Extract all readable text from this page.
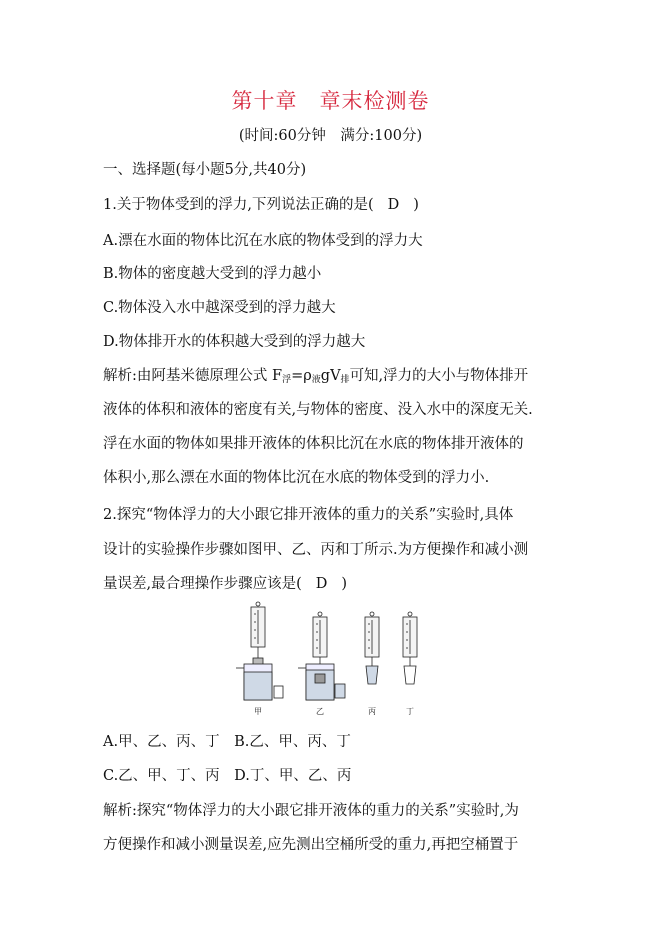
第十章　章末检测卷
(时间:60分钟　满分:100分)
一、选择题(每小题5分,共40分)
1.关于物体受到的浮力,下列说法正确的是( D )
A.漂在水面的物体比沉在水底的物体受到的浮力大
B.物体的密度越大受到的浮力越小
C.物体没入水中越深受到的浮力越大
D.物体排开水的体积越大受到的浮力越大
解析:由阿基米德原理公式 $F_浮=\rho_液gV_排$可知,浮力的大小与物体排开
液体的体积和液体的密度有关,与物体的密度、没入水中的深度无关.
浮在水面的物体如果排开液体的体积比沉在水底的物体排开液体的
体积小,那么漂在水面的物体比沉在水底的物体受到的浮力小.
2.探究“物体浮力的大小跟它排开液体的重力的关系”实验时,具体
设计的实验操作步骤如图甲、乙、丙和丁所示.为方便操作和减小测
量误差,最合理操作步骤应该是( D )
甲	乙	丙	丁
A.甲、乙、丙、丁　B.乙、甲、丙、丁
C.乙、甲、丁、丙　D.丁、甲、乙、丙
解析:探究“物体浮力的大小跟它排开液体的重力的关系”实验时,为
方便操作和减小测量误差,应先测出空桶所受的重力,再把空桶置于
